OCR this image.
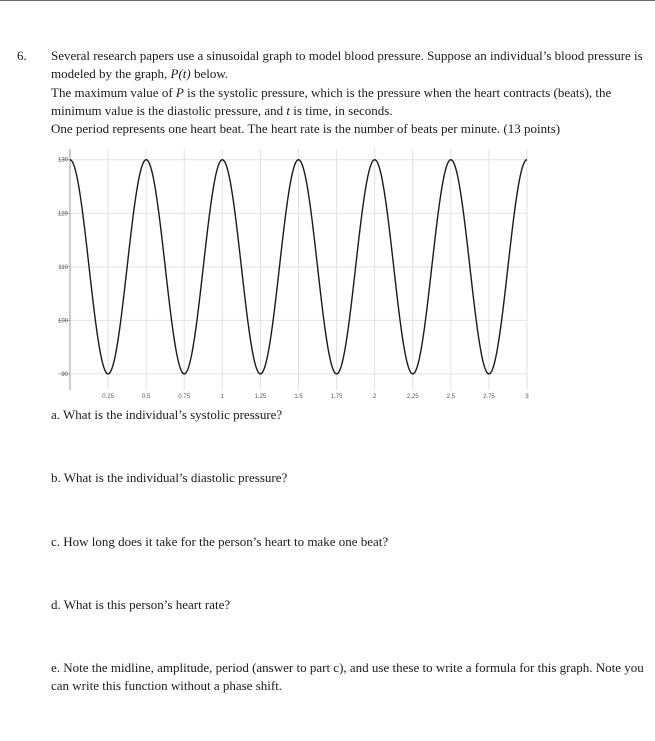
6. Several research papers use a sinusoidal graph to model blood pressure. Suppose an individual’s blood pressure is modeled by the graph, P(t) below.

The maximum value of P is the systolic pressure, which is the pressure when the heart contracts (beats), the minimum value is the diastolic pressure, and t is time, in seconds.

One period represents one heart beat. The heart rate is the number of beats per minute. (13 points)

0.25	0.5	0.75	1	1.25	1.5	1.75	2	2.25	2.5	2.75	3
90
100
110
120
130

a. What is the individual’s systolic pressure?

b. What is the individual’s diastolic pressure?

c. How long does it take for the person’s heart to make one beat?

d. What is this person’s heart rate?

e. Note the midline, amplitude, period (answer to part c), and use these to write a formula for this graph. Note you can write this function without a phase shift.
